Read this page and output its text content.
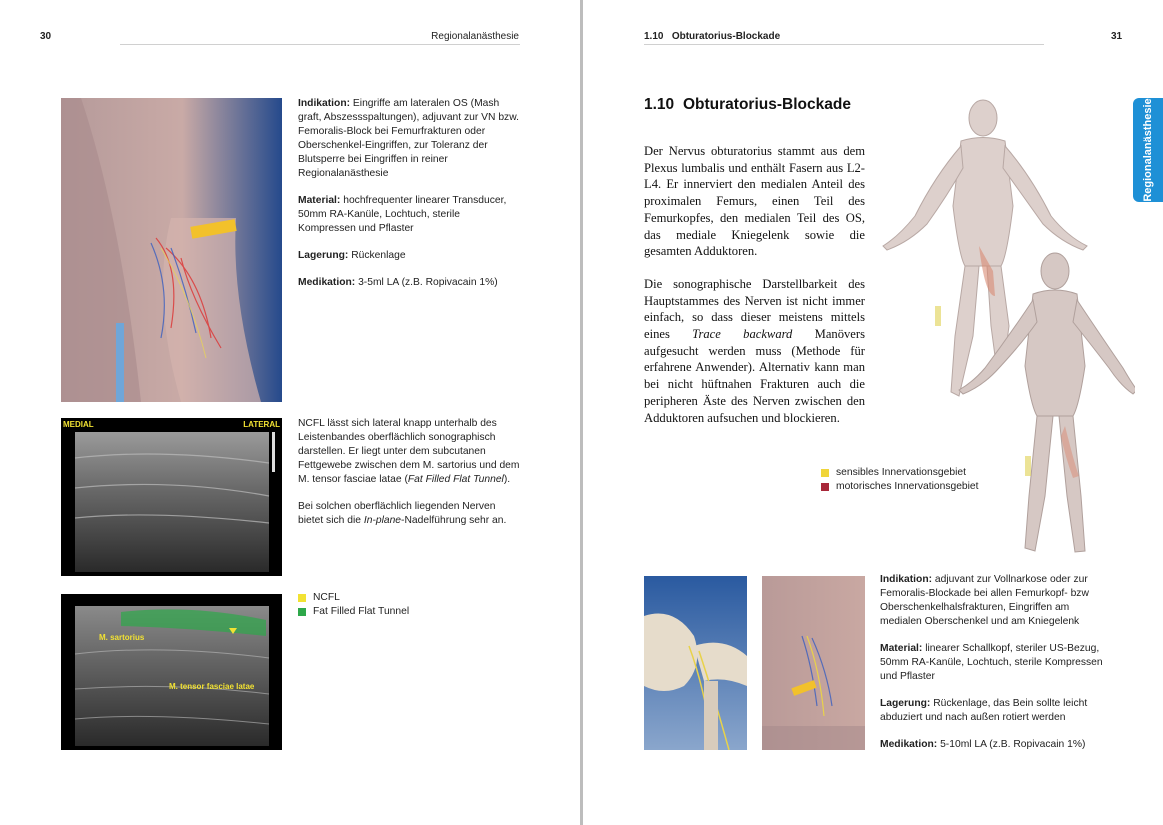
30	Regionalanästhesie

Indikation: Eingriffe am lateralen OS (Mash graft, Abszessspaltungen), adjuvant zur VN bzw. Femoralis-Block bei Femurfrakturen oder Oberschenkel-Eingriffen, zur Toleranz der Blutsperre bei Eingriffen in reiner Regionalanästhesie

Material: hochfrequenter linearer Transducer, 50mm RA-Kanüle, Lochtuch, sterile Kompressen und Pflaster

Lagerung: Rückenlage

Medikation: 3-5ml LA (z.B. Ropivacain 1%)

MEDIAL	LATERAL NCFL lässt sich lateral knapp unterhalb des Leistenbandes oberflächlich sonographisch darstellen. Er liegt unter dem subcutanen Fettgewebe zwischen dem M. sartorius und dem M. tensor fasciae latae (Fat Filled Flat Tunnel).

Bei solchen oberflächlich liegenden Nerven bietet sich die In-plane-Nadelführung sehr an.

M. sartorius
M. tensor fasciae latae
NCFL
Fat Filled Flat Tunnel
1.10 Obturatorius-Blockade	31
Regionalanästhesie
1.10 Obturatorius-Blockade

Der Nervus obturatorius stammt aus dem Plexus lumbalis und enthält Fasern aus L2-L4. Er innerviert den medialen Anteil des proximalen Femurs, einen Teil des Femurkopfes, den medialen Teil des OS, das mediale Kniegelenk sowie die gesamten Adduktoren.

Die sonographische Darstellbarkeit des Hauptstammes des Nerven ist nicht immer einfach, so dass dieser meistens mittels eines Trace backward Manövers aufgesucht werden muss (Methode für erfahrene Anwender). Alternativ kann man bei nicht hüftnahen Frakturen auch die peripheren Äste des Nerven zwischen den Adduktoren aufsuchen und blockieren.

sensibles Innervationsgebiet
motorisches Innervationsgebiet

Indikation: adjuvant zur Vollnarkose oder zur Femoralis-Blockade bei allen Femurkopf- bzw Oberschenkelhalsfrakturen, Eingriffen am medialen Oberschenkel und am Kniegelenk

Material: linearer Schallkopf, steriler US-Bezug, 50mm RA-Kanüle, Lochtuch, sterile Kompressen und Pflaster

Lagerung: Rückenlage, das Bein sollte leicht abduziert und nach außen rotiert werden

Medikation: 5-10ml LA (z.B. Ropivacain 1%)
